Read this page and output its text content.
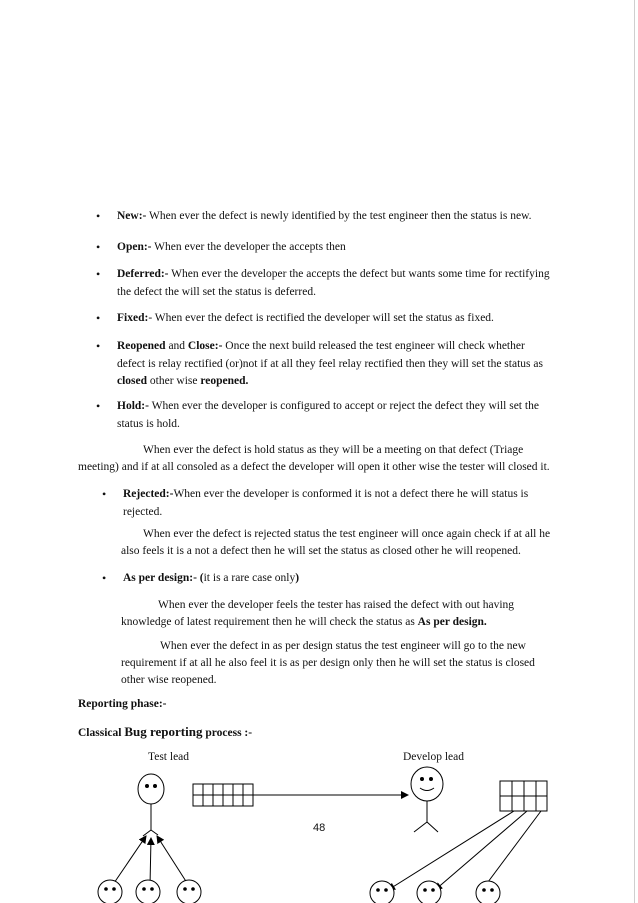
• New:- When ever the defect is newly identified by the test engineer then the status is new.
• Open:- When ever the developer the accepts then
• Deferred:- When ever the developer the accepts the defect but wants some time for rectifying
the defect the will set the status is deferred.
• Fixed:- When ever the defect is rectified the developer will set the status as fixed.
• Reopened and Close:- Once the next build released the test engineer will check whether
defect is relay rectified (or)not if at all they feel relay rectified then they will set the status as
closed other wise reopened.
• Hold:- When ever the developer is configured to accept or reject the defect they will set the
status is hold.
When ever the defect is hold status as they will be a meeting on that defect (Triage
meeting) and if at all consoled as a defect the developer will open it other wise the tester will closed it.
• Rejected:-When ever the developer is conformed it is not a defect there he will status is
rejected.
When ever the defect is rejected status the test engineer will once again check if at all he
also feels it is a not a defect then he will set the status as closed other he will reopened.
• As per design:- (it is a rare case only)
When ever the developer feels the tester has raised the defect with out having
knowledge of latest requirement then he will check the status as As per design.
When ever the defect in as per design status the test engineer will go to the new
requirement if at all he also feel it is as per design only then he will set the status is closed
other wise reopened.
Reporting phase:-
Classical Bug reporting process :-
Test lead	Develop lead
48
